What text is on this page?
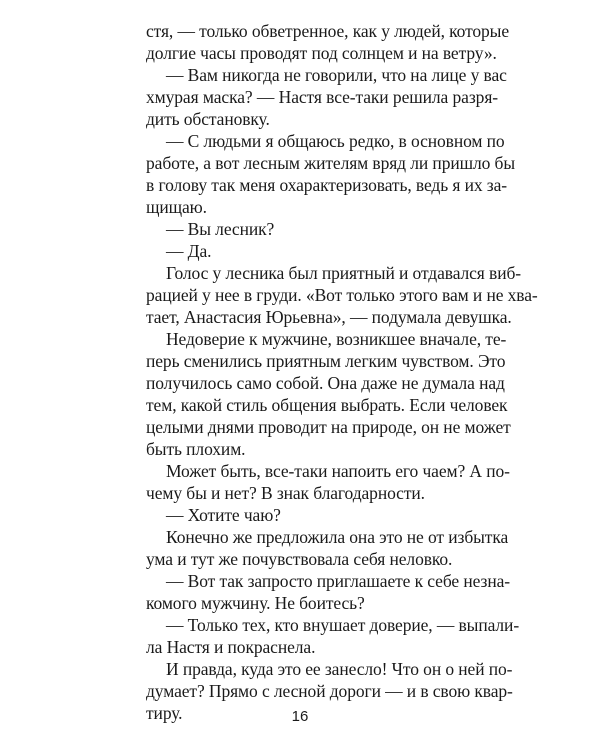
стя, — только обветренное, как у людей, которые
долгие часы проводят под солнцем и на ветру».
— Вам никогда не говорили, что на лице у вас
хмурая маска? — Настя все-таки решила разря-
дить обстановку.
— С людьми я общаюсь редко, в основном по
работе, а вот лесным жителям вряд ли пришло бы
в голову так меня охарактеризовать, ведь я их за-
щищаю.
— Вы лесник?
— Да.
Голос у лесника был приятный и отдавался виб-
рацией у нее в груди. «Вот только этого вам и не хва-
тает, Анастасия Юрьевна», — подумала девушка.
Недоверие к мужчине, возникшее вначале, те-
перь сменились приятным легким чувством. Это
получилось само собой. Она даже не думала над
тем, какой стиль общения выбрать. Если человек
целыми днями проводит на природе, он не может
быть плохим.
Может быть, все-таки напоить его чаем? А по-
чему бы и нет? В знак благодарности.
— Хотите чаю?
Конечно же предложила она это не от избытка
ума и тут же почувствовала себя неловко.
— Вот так запросто приглашаете к себе незна-
комого мужчину. Не боитесь?
— Только тех, кто внушает доверие, — выпали-
ла Настя и покраснела.
И правда, куда это ее занесло! Что он о ней по-
думает? Прямо с лесной дороги — и в свою квар-
тиру.	16
